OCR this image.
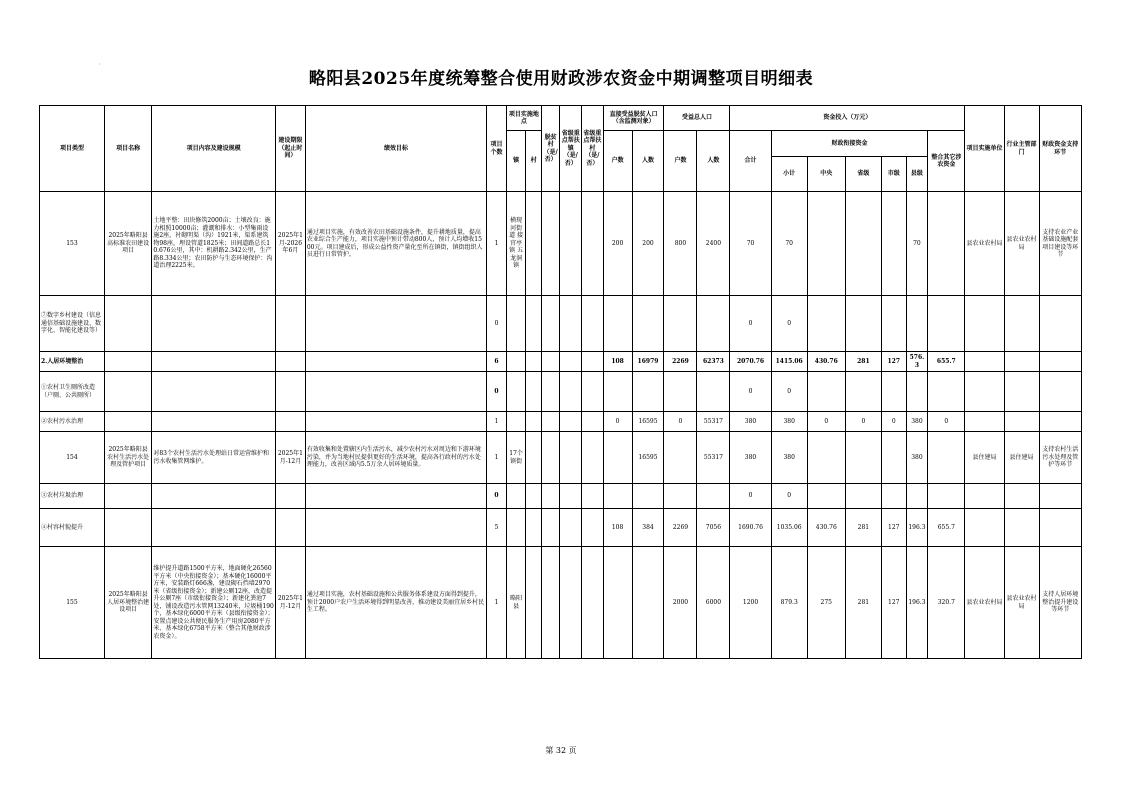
'
略阳县2025年度统筹整合使用财政涉农资金中期调整项目明细表
项目类型	项目名称	项目内容及建设规模	建设期限（起止时间）	绩效目标	项目个数	项目实施地点		脱贫村（是/否）	省级重点帮扶镇（是/否）	省级重点帮扶村（是/否）	直接受益脱贫人口（含监测对象）		受益总人口		资金投入（万元）							项目实施单位	行业主管部门	财政资金支持环节
						镇	村				户数	人数	户数	人数	合计	财政衔接资金					整合其它涉农资金			
																小计	中央	省级	市级	县级				
153	2025年略阳县高标准农田建设项目	土地平整：田块修筑2000亩；土壤改良：施力相照10000亩；灌溉和排水：小型集雨设施2座，衬砌明渠（沟）1921米，渠系建筑物98座，埋设管道1825米；田间道路总长10.676公里，其中：机耕路2.342公里，生产路8.334公里；农田防护与生态环境保护：沟道治理2225米。	2025年1月-2026年6月	通过项目实施，有效改善农田基础设施条件，提升耕地质量，提高农业综合生产能力，项目实施中预计带动800人，预计人均增收1500元。项目建成后，形成公益性资产量化至所在镇街，镇街组织人员进行日常管护。	1	横现河街道 接官亭镇 五龙洞镇					200	200	800	2400	70	70				70		县农业农村局	县农业农村局	支持农业产业基础设施配套项目建设等环节
⑦数字乡村建设（信息通信基础设施建设、数字化、智能化建设等）					0										0	0								
2.人居环境整治					6						108	16979	2269	62373	2070.76	1415.06	430.76	281	127	576.3	655.7			
①农村卫生厕所改造（户厕、公共厕所）					0										0	0								
②农村污水治理					1						0	16595	0	55317	380	380	0	0	0	380	0			
154	2025年略阳县农村生活污水处理及管护项目	对83个农村生活污水处理站日常运营维护和污水收集管网维护。	2025年1月-12月	有效收集和处置辖区内生活污水，减少农村污水对周边和下游环境污染，并为当地村民提供更好的生活环境，提高各行政村的污水处理能力，改善区域内5.5万余人居环境质量。	1	17个镇街						16595		55317	380	380				380		县住建局	县住建局	支持农村生活污水处理及管护等环节
③农村垃圾治理					0										0	0								
④村容村貌提升					5						108	384	2269	7056	1690.76	1035.06	430.76	281	127	196.3	655.7			
155	2025年略阳县人居环境整治建设项目	维护提升道路1500平方米，地面硬化26560平方米（中央衔接资金）；基本硬化16000平方米，安装路灯666盏，建设砌石挡墙2970米（省级衔接资金）；新建公厕12座，改造提升公厕7座（市级衔接资金）；新建化粪池7处，铺设改造污水管网13240米，垃圾桶190个，基本绿化6000平方米（县级衔接资金）；安置点建设公共便民服务生产用房2080平方米、基本绿化6758平方米（整合其他财政涉农资金）。	2025年1月-12月	通过项目实施，农村基础设施和公共服务体系建设方面得到提升，预计2000户农户生活环境得到明显改善，推动建设美丽宜居乡村民生工程。	1	略阳县							2000	6000	1200	879.3	275	281	127	196.3	320.7	县农业农村局	县农业农村局	支持人居环境整治提升建设等环节
第 32 页
